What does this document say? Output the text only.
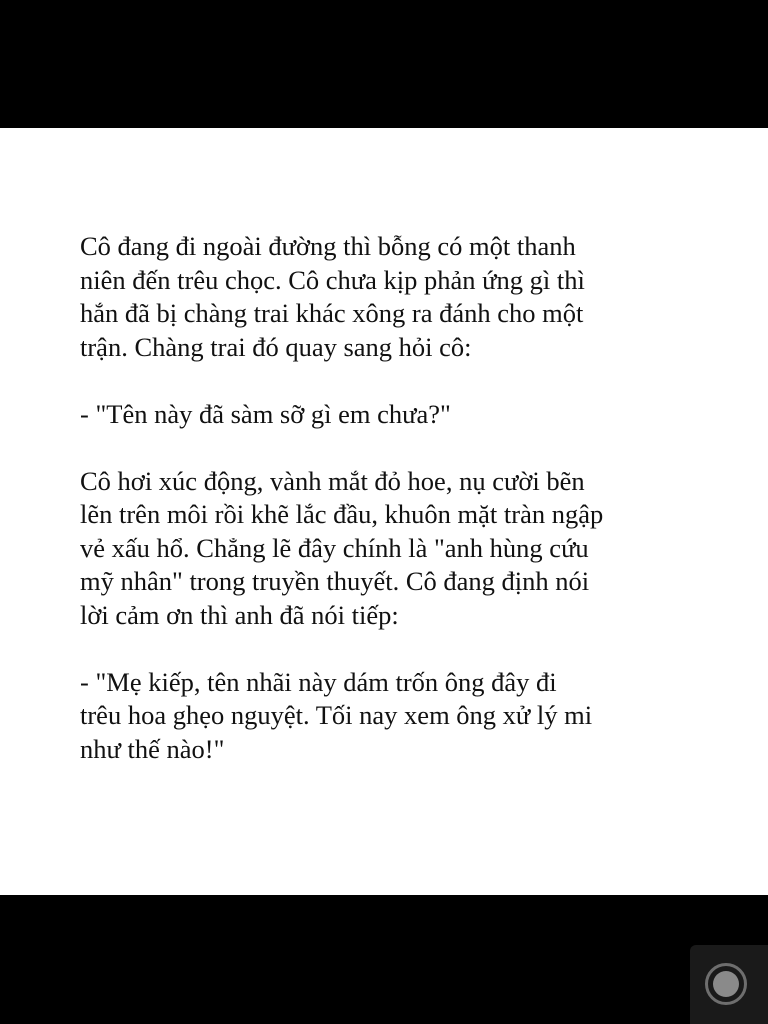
Cô đang đi ngoài đường thì bỗng có một thanh
niên đến trêu chọc. Cô chưa kịp phản ứng gì thì
hắn đã bị chàng trai khác xông ra đánh cho một
trận. Chàng trai đó quay sang hỏi cô:

- "Tên này đã sàm sỡ gì em chưa?"

Cô hơi xúc động, vành mắt đỏ hoe, nụ cười bẽn
lẽn trên môi rồi khẽ lắc đầu, khuôn mặt tràn ngập
vẻ xấu hổ. Chẳng lẽ đây chính là "anh hùng cứu
mỹ nhân" trong truyền thuyết. Cô đang định nói
lời cảm ơn thì anh đã nói tiếp:

- "Mẹ kiếp, tên nhãi này dám trốn ông đây đi
trêu hoa ghẹo nguyệt. Tối nay xem ông xử lý mi
như thế nào!"
